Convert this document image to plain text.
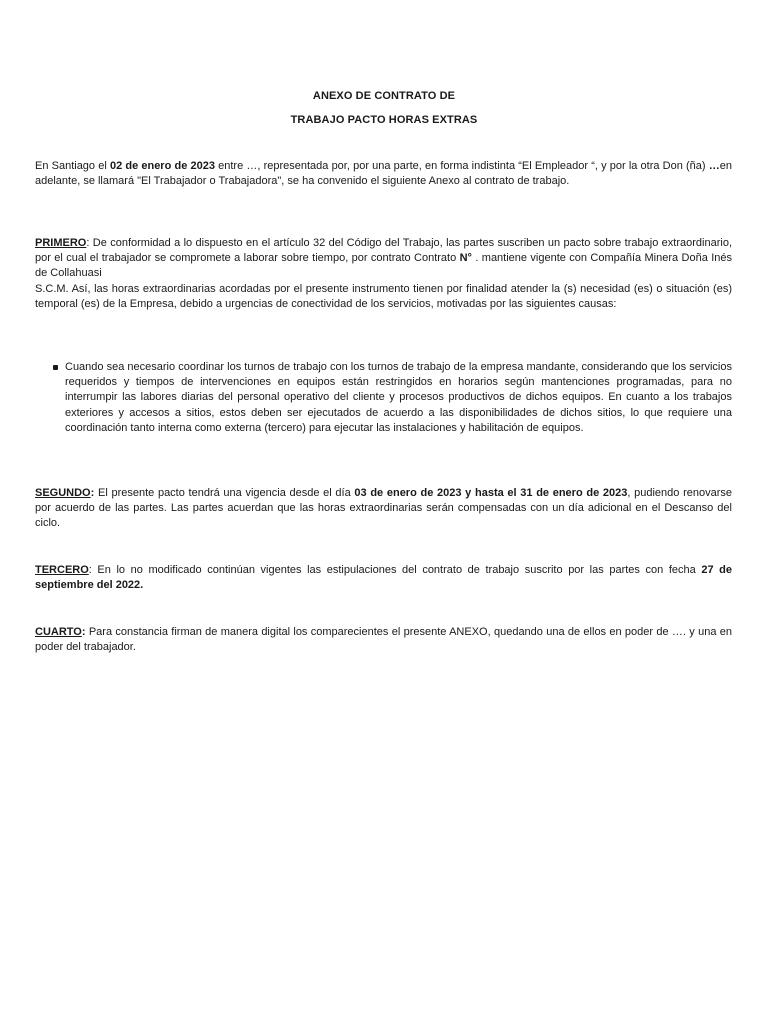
ANEXO DE CONTRATO DE
TRABAJO PACTO HORAS EXTRAS
En Santiago el 02 de enero de 2023 entre …, representada por, por una parte, en forma indistinta “El Empleador “, y por la otra Don (ña) …en adelante, se llamará "El Trabajador o Trabajadora", se ha convenido el siguiente Anexo al contrato de trabajo.
PRIMERO: De conformidad a lo dispuesto en el artículo 32 del Código del Trabajo, las partes suscriben un pacto sobre trabajo extraordinario, por el cual el trabajador se compromete a laborar sobre tiempo, por contrato Contrato N° . mantiene vigente con Compañía Minera Doña Inés de Collahuasi
S.C.M. Así, las horas extraordinarias acordadas por el presente instrumento tienen por finalidad atender la (s) necesidad (es) o situación (es) temporal (es) de la Empresa, debido a urgencias de conectividad de los servicios, motivadas por las siguientes causas:
Cuando sea necesario coordinar los turnos de trabajo con los turnos de trabajo de la empresa mandante, considerando que los servicios requeridos y tiempos de intervenciones en equipos están restringidos en horarios según mantenciones programadas, para no interrumpir las labores diarias del personal operativo del cliente y procesos productivos de dichos equipos. En cuanto a los trabajos exteriores y accesos a sitios, estos deben ser ejecutados de acuerdo a las disponibilidades de dichos sitios, lo que requiere una coordinación tanto interna como externa (tercero) para ejecutar las instalaciones y habilitación de equipos.
SEGUNDO: El presente pacto tendrá una vigencia desde el día 03 de enero de 2023 y hasta el 31 de enero de 2023, pudiendo renovarse por acuerdo de las partes. Las partes acuerdan que las horas extraordinarias serán compensadas con un día adicional en el Descanso del ciclo.
TERCERO: En lo no modificado continúan vigentes las estipulaciones del contrato de trabajo suscrito por las partes con fecha 27 de septiembre del 2022.
CUARTO: Para constancia firman de manera digital los comparecientes el presente ANEXO, quedando una de ellos en poder de …. y una en poder del trabajador.
